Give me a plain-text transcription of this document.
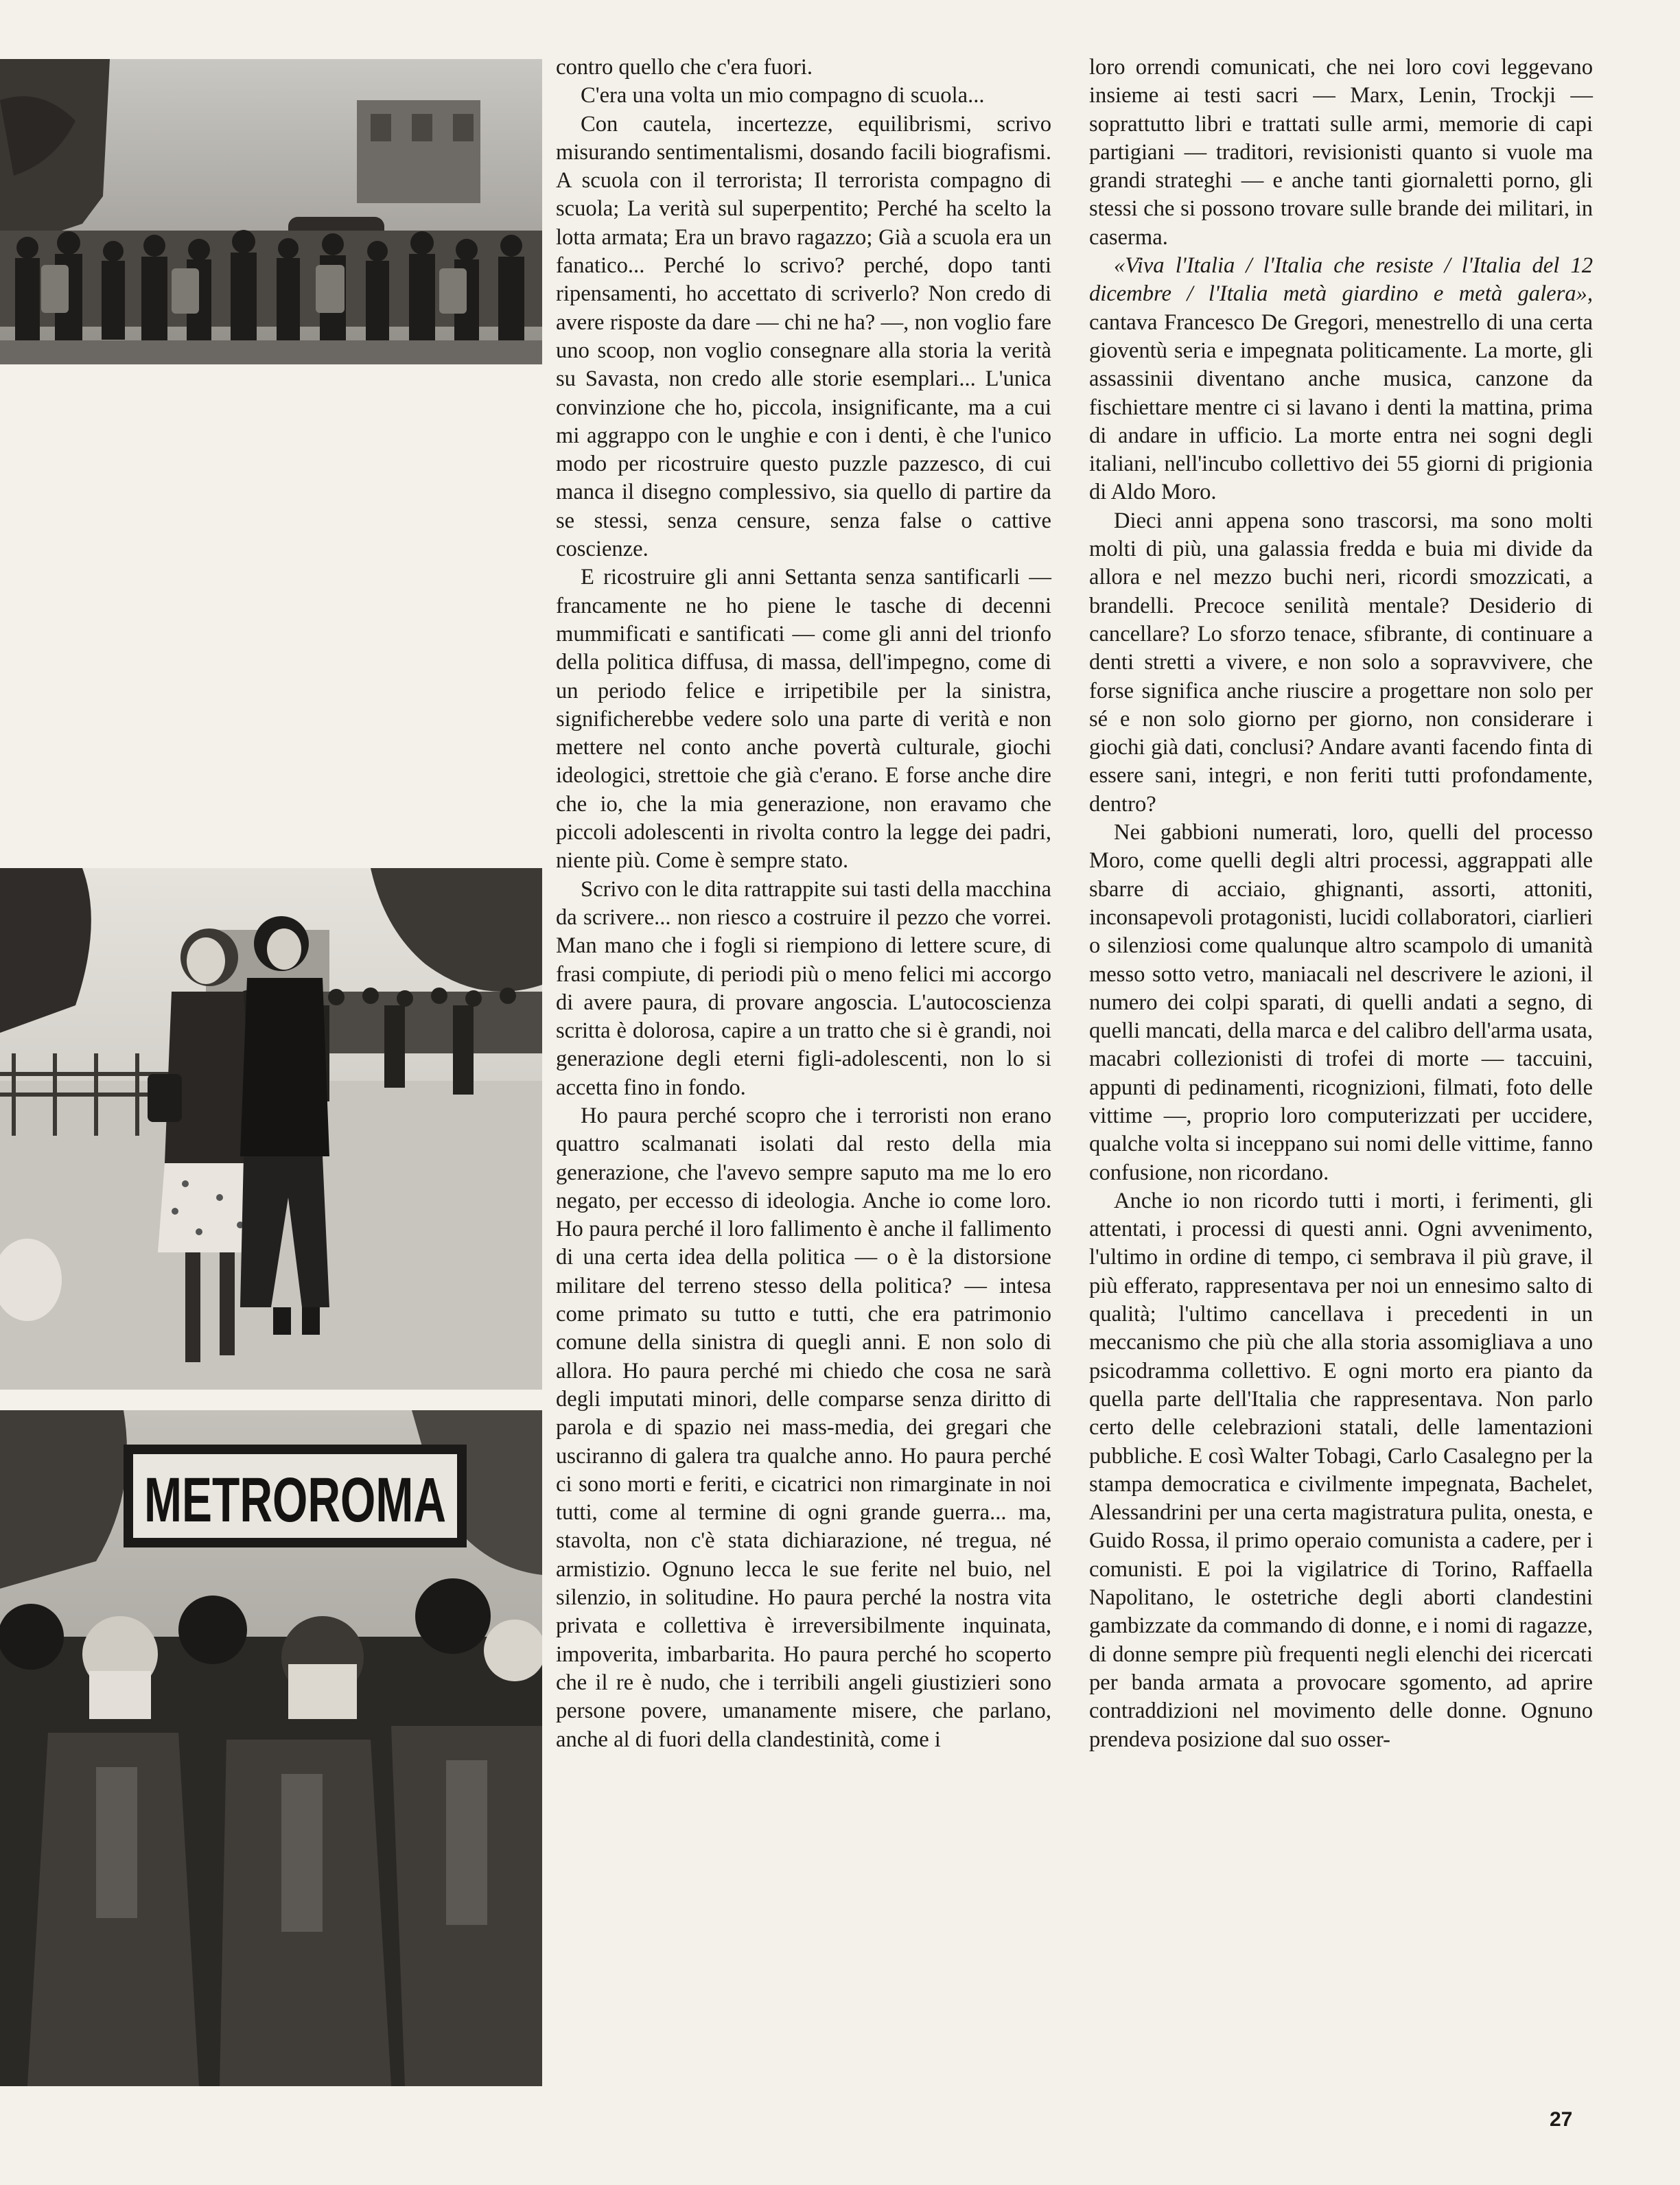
METROROMA

contro quello che c'era fuori.

C'era una volta un mio compagno di scuola...

Con cautela, incertezze, equilibrismi, scrivo misurando sentimentalismi, dosando facili biografismi. A scuola con il terrorista; Il terrorista compagno di scuola; La verità sul superpentito; Perché ha scelto la lotta armata; Era un bravo ragazzo; Già a scuola era un fanatico... Perché lo scrivo? perché, dopo tanti ripensamenti, ho accettato di scriverlo? Non credo di avere risposte da dare — chi ne ha? —, non voglio fare uno scoop, non voglio consegnare alla storia la verità su Savasta, non credo alle storie esemplari... L'unica convinzione che ho, piccola, insignificante, ma a cui mi aggrappo con le unghie e con i denti, è che l'unico modo per ricostruire questo puzzle pazzesco, di cui manca il disegno complessivo, sia quello di partire da se stessi, senza censure, senza false o cattive coscienze.

E ricostruire gli anni Settanta senza santificarli — francamente ne ho piene le tasche di decenni mummificati e santificati — come gli anni del trionfo della politica diffusa, di massa, dell'impegno, come di un periodo felice e irripetibile per la sinistra, significherebbe vedere solo una parte di verità e non mettere nel conto anche povertà culturale, giochi ideologici, strettoie che già c'erano. E forse anche dire che io, che la mia generazione, non eravamo che piccoli adolescenti in rivolta contro la legge dei padri, niente più. Come è sempre stato.

Scrivo con le dita rattrappite sui tasti della macchina da scrivere... non riesco a costruire il pezzo che vorrei. Man mano che i fogli si riempiono di lettere scure, di frasi compiute, di periodi più o meno felici mi accorgo di avere paura, di provare angoscia. L'autocoscienza scritta è dolorosa, capire a un tratto che si è grandi, noi generazione degli eterni figli-adolescenti, non lo si accetta fino in fondo.

Ho paura perché scopro che i terroristi non erano quattro scalmanati isolati dal resto della mia generazione, che l'avevo sempre saputo ma me lo ero negato, per eccesso di ideologia. Anche io come loro. Ho paura perché il loro fallimento è anche il fallimento di una certa idea della politica — o è la distorsione militare del terreno stesso della politica? — intesa come primato su tutto e tutti, che era patrimonio comune della sinistra di quegli anni. E non solo di allora. Ho paura perché mi chiedo che cosa ne sarà degli imputati minori, delle comparse senza diritto di parola e di spazio nei mass-media, dei gregari che usciranno di galera tra qualche anno. Ho paura perché ci sono morti e feriti, e cicatrici non rimarginate in noi tutti, come al termine di ogni grande guerra... ma, stavolta, non c'è stata dichiarazione, né tregua, né armistizio. Ognuno lecca le sue ferite nel buio, nel silenzio, in solitudine. Ho paura perché la nostra vita privata e collettiva è irreversibilmente inquinata, impoverita, imbarbarita. Ho paura perché ho scoperto che il re è nudo, che i terribili angeli giustizieri sono persone povere, umanamente misere, che parlano, anche al di fuori della clandestinità, come i

loro orrendi comunicati, che nei loro covi leggevano insieme ai testi sacri — Marx, Lenin, Trockji — soprattutto libri e trattati sulle armi, memorie di capi partigiani — traditori, revisionisti quanto si vuole ma grandi strateghi — e anche tanti giornaletti porno, gli stessi che si possono trovare sulle brande dei militari, in caserma.

«Viva l'Italia / l'Italia che resiste / l'Italia del 12 dicembre / l'Italia metà giardino e metà galera», cantava Francesco De Gregori, menestrello di una certa gioventù seria e impegnata politicamente. La morte, gli assassinii diventano anche musica, canzone da fischiettare mentre ci si lavano i denti la mattina, prima di andare in ufficio. La morte entra nei sogni degli italiani, nell'incubo collettivo dei 55 giorni di prigionia di Aldo Moro.

Dieci anni appena sono trascorsi, ma sono molti molti di più, una galassia fredda e buia mi divide da allora e nel mezzo buchi neri, ricordi smozzicati, a brandelli. Precoce senilità mentale? Desiderio di cancellare? Lo sforzo tenace, sfibrante, di continuare a denti stretti a vivere, e non solo a sopravvivere, che forse significa anche riuscire a progettare non solo per sé e non solo giorno per giorno, non considerare i giochi già dati, conclusi? Andare avanti facendo finta di essere sani, integri, e non feriti tutti profondamente, dentro?

Nei gabbioni numerati, loro, quelli del processo Moro, come quelli degli altri processi, aggrappati alle sbarre di acciaio, ghignanti, assorti, attoniti, inconsapevoli protagonisti, lucidi collaboratori, ciarlieri o silenziosi come qualunque altro scampolo di umanità messo sotto vetro, maniacali nel descrivere le azioni, il numero dei colpi sparati, di quelli andati a segno, di quelli mancati, della marca e del calibro dell'arma usata, macabri collezionisti di trofei di morte — taccuini, appunti di pedinamenti, ricognizioni, filmati, foto delle vittime —, proprio loro computerizzati per uccidere, qualche volta si inceppano sui nomi delle vittime, fanno confusione, non ricordano.

Anche io non ricordo tutti i morti, i ferimenti, gli attentati, i processi di questi anni. Ogni avvenimento, l'ultimo in ordine di tempo, ci sembrava il più grave, il più efferato, rappresentava per noi un ennesimo salto di qualità; l'ultimo cancellava i precedenti in un meccanismo che più che alla storia assomigliava a uno psicodramma collettivo. E ogni morto era pianto da quella parte dell'Italia che rappresentava. Non parlo certo delle celebrazioni statali, delle lamentazioni pubbliche. E così Walter Tobagi, Carlo Casalegno per la stampa democratica e civilmente impegnata, Bachelet, Alessandrini per una certa magistratura pulita, onesta, e Guido Rossa, il primo operaio comunista a cadere, per i comunisti. E poi la vigilatrice di Torino, Raffaella Napolitano, le ostetriche degli aborti clandestini gambizzate da commando di donne, e i nomi di ragazze, di donne sempre più frequenti negli elenchi dei ricercati per banda armata a provocare sgomento, ad aprire contraddizioni nel movimento delle donne. Ognuno prendeva posizione dal suo osser-

27
